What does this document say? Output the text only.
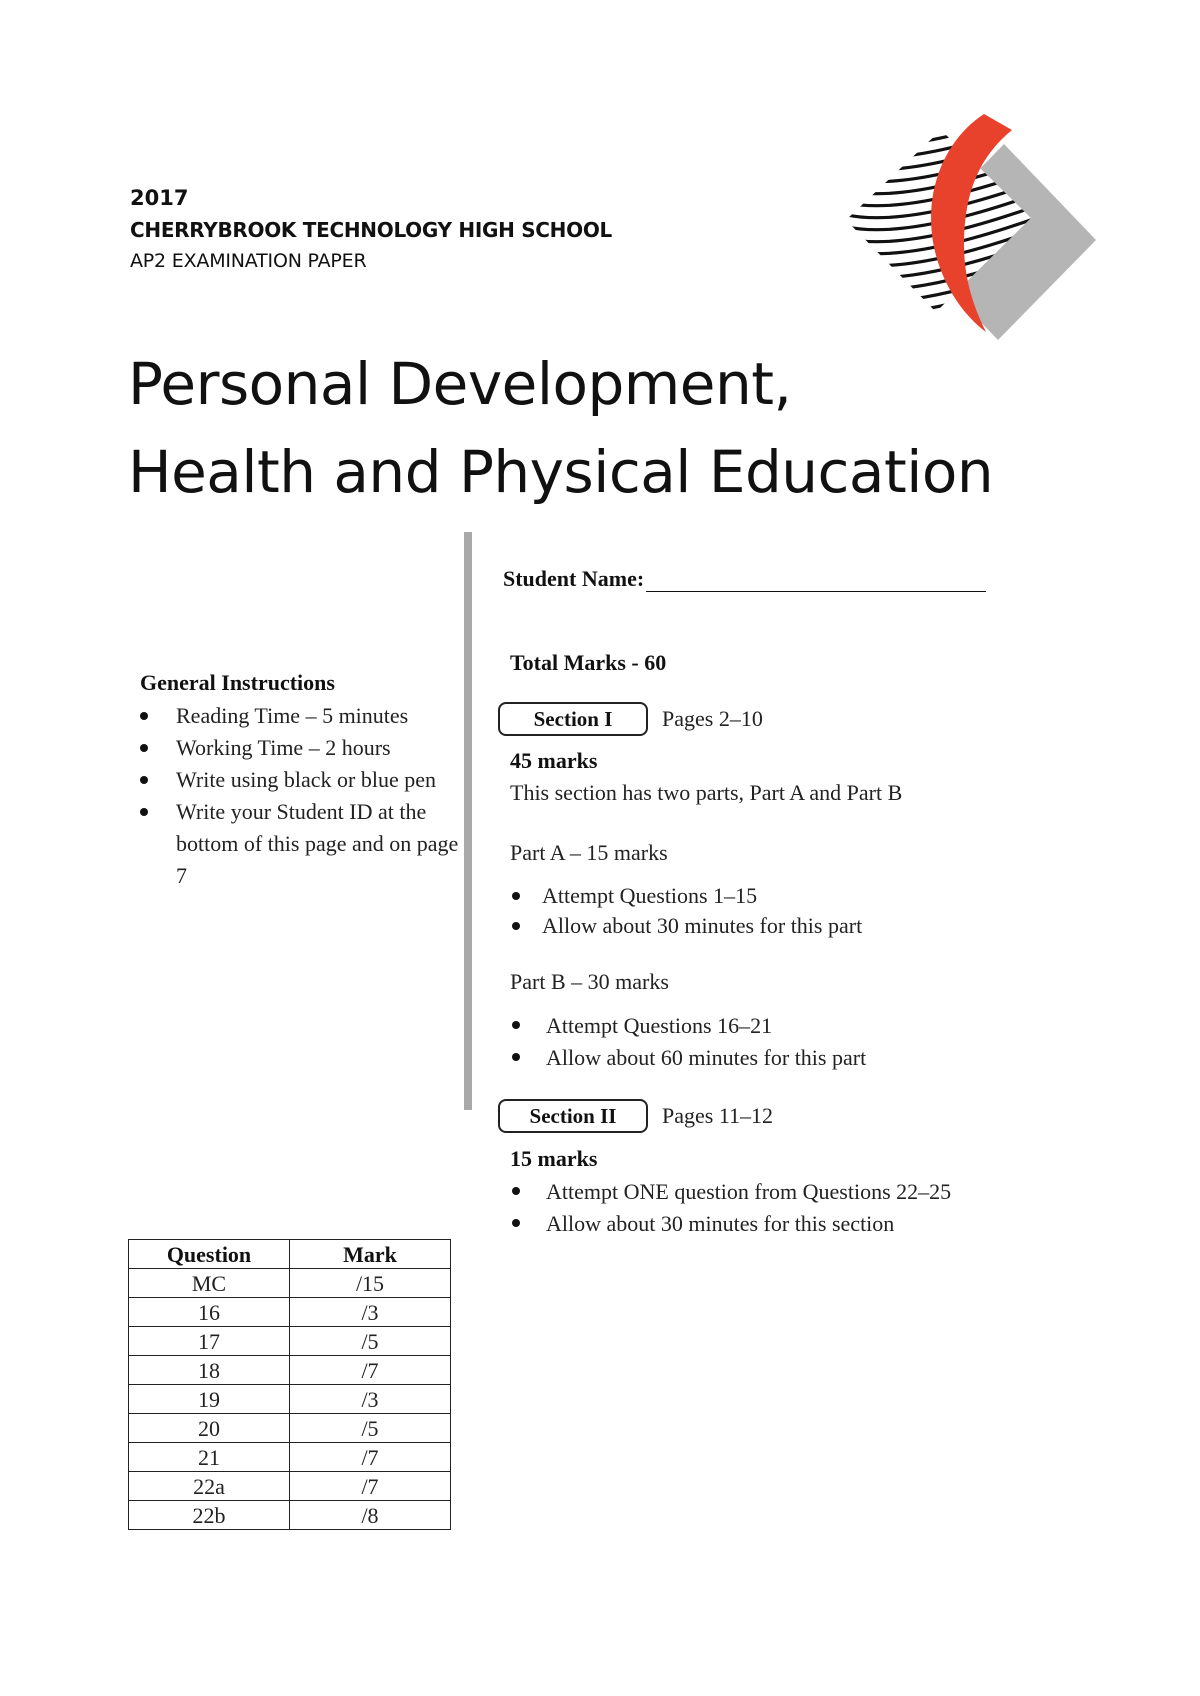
2017
CHERRYBROOK TECHNOLOGY HIGH SCHOOL
AP2 EXAMINATION PAPER
Personal Development,
Health and Physical Education
General Instructions
Reading Time – 5 minutes
Working Time – 2 hours
Write using black or blue pen
Write your Student ID at the bottom of this page and on page 7
Student Name:
Total Marks - 60
Section I	Pages 2–10
45 marks
This section has two parts, Part A and Part B
Part A – 15 marks
Attempt Questions 1–15
Allow about 30 minutes for this part
Part B – 30 marks
Attempt Questions 16–21
Allow about 60 minutes for this part
Section II	Pages 11–12
15 marks
Attempt ONE question from Questions 22–25
Allow about 30 minutes for this section
Question	Mark
MC	/15
16	/3
17	/5
18	/7
19	/3
20	/5
21	/7
22a	/7
22b	/8
